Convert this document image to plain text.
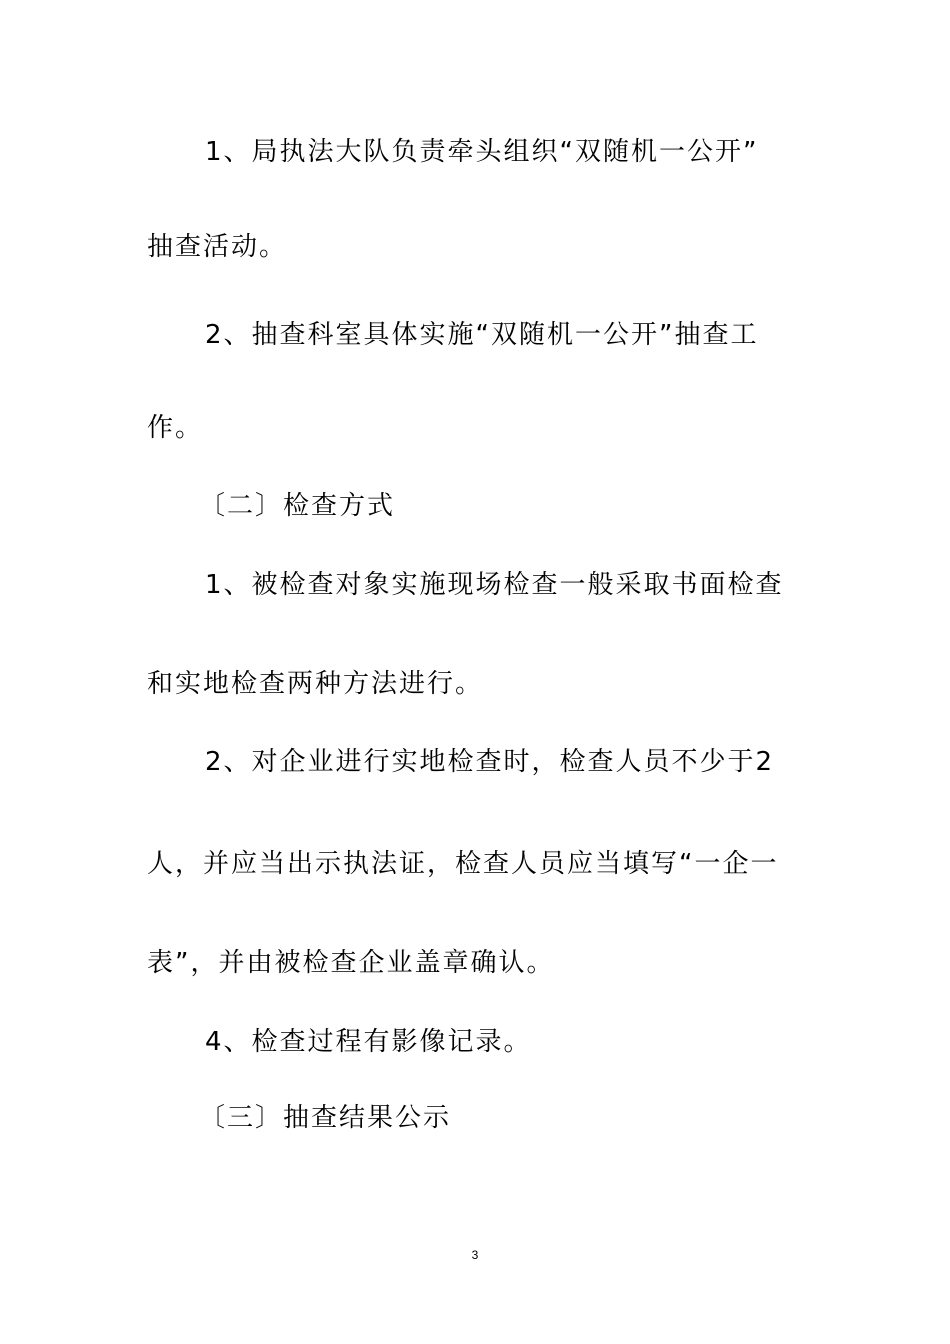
1、局执法大队负责牵头组织“双随机一公开”
抽查活动。
2、抽查科室具体实施“双随机一公开”抽查工
作。
〔二〕检查方式
1、被检查对象实施现场检查一般采取书面检查
和实地检查两种方法进行。
2、对企业进行实地检查时，检查人员不少于2
人，并应当出示执法证，检查人员应当填写“一企一
表”，并由被检查企业盖章确认。
4、检查过程有影像记录。
〔三〕抽查结果公示
3
